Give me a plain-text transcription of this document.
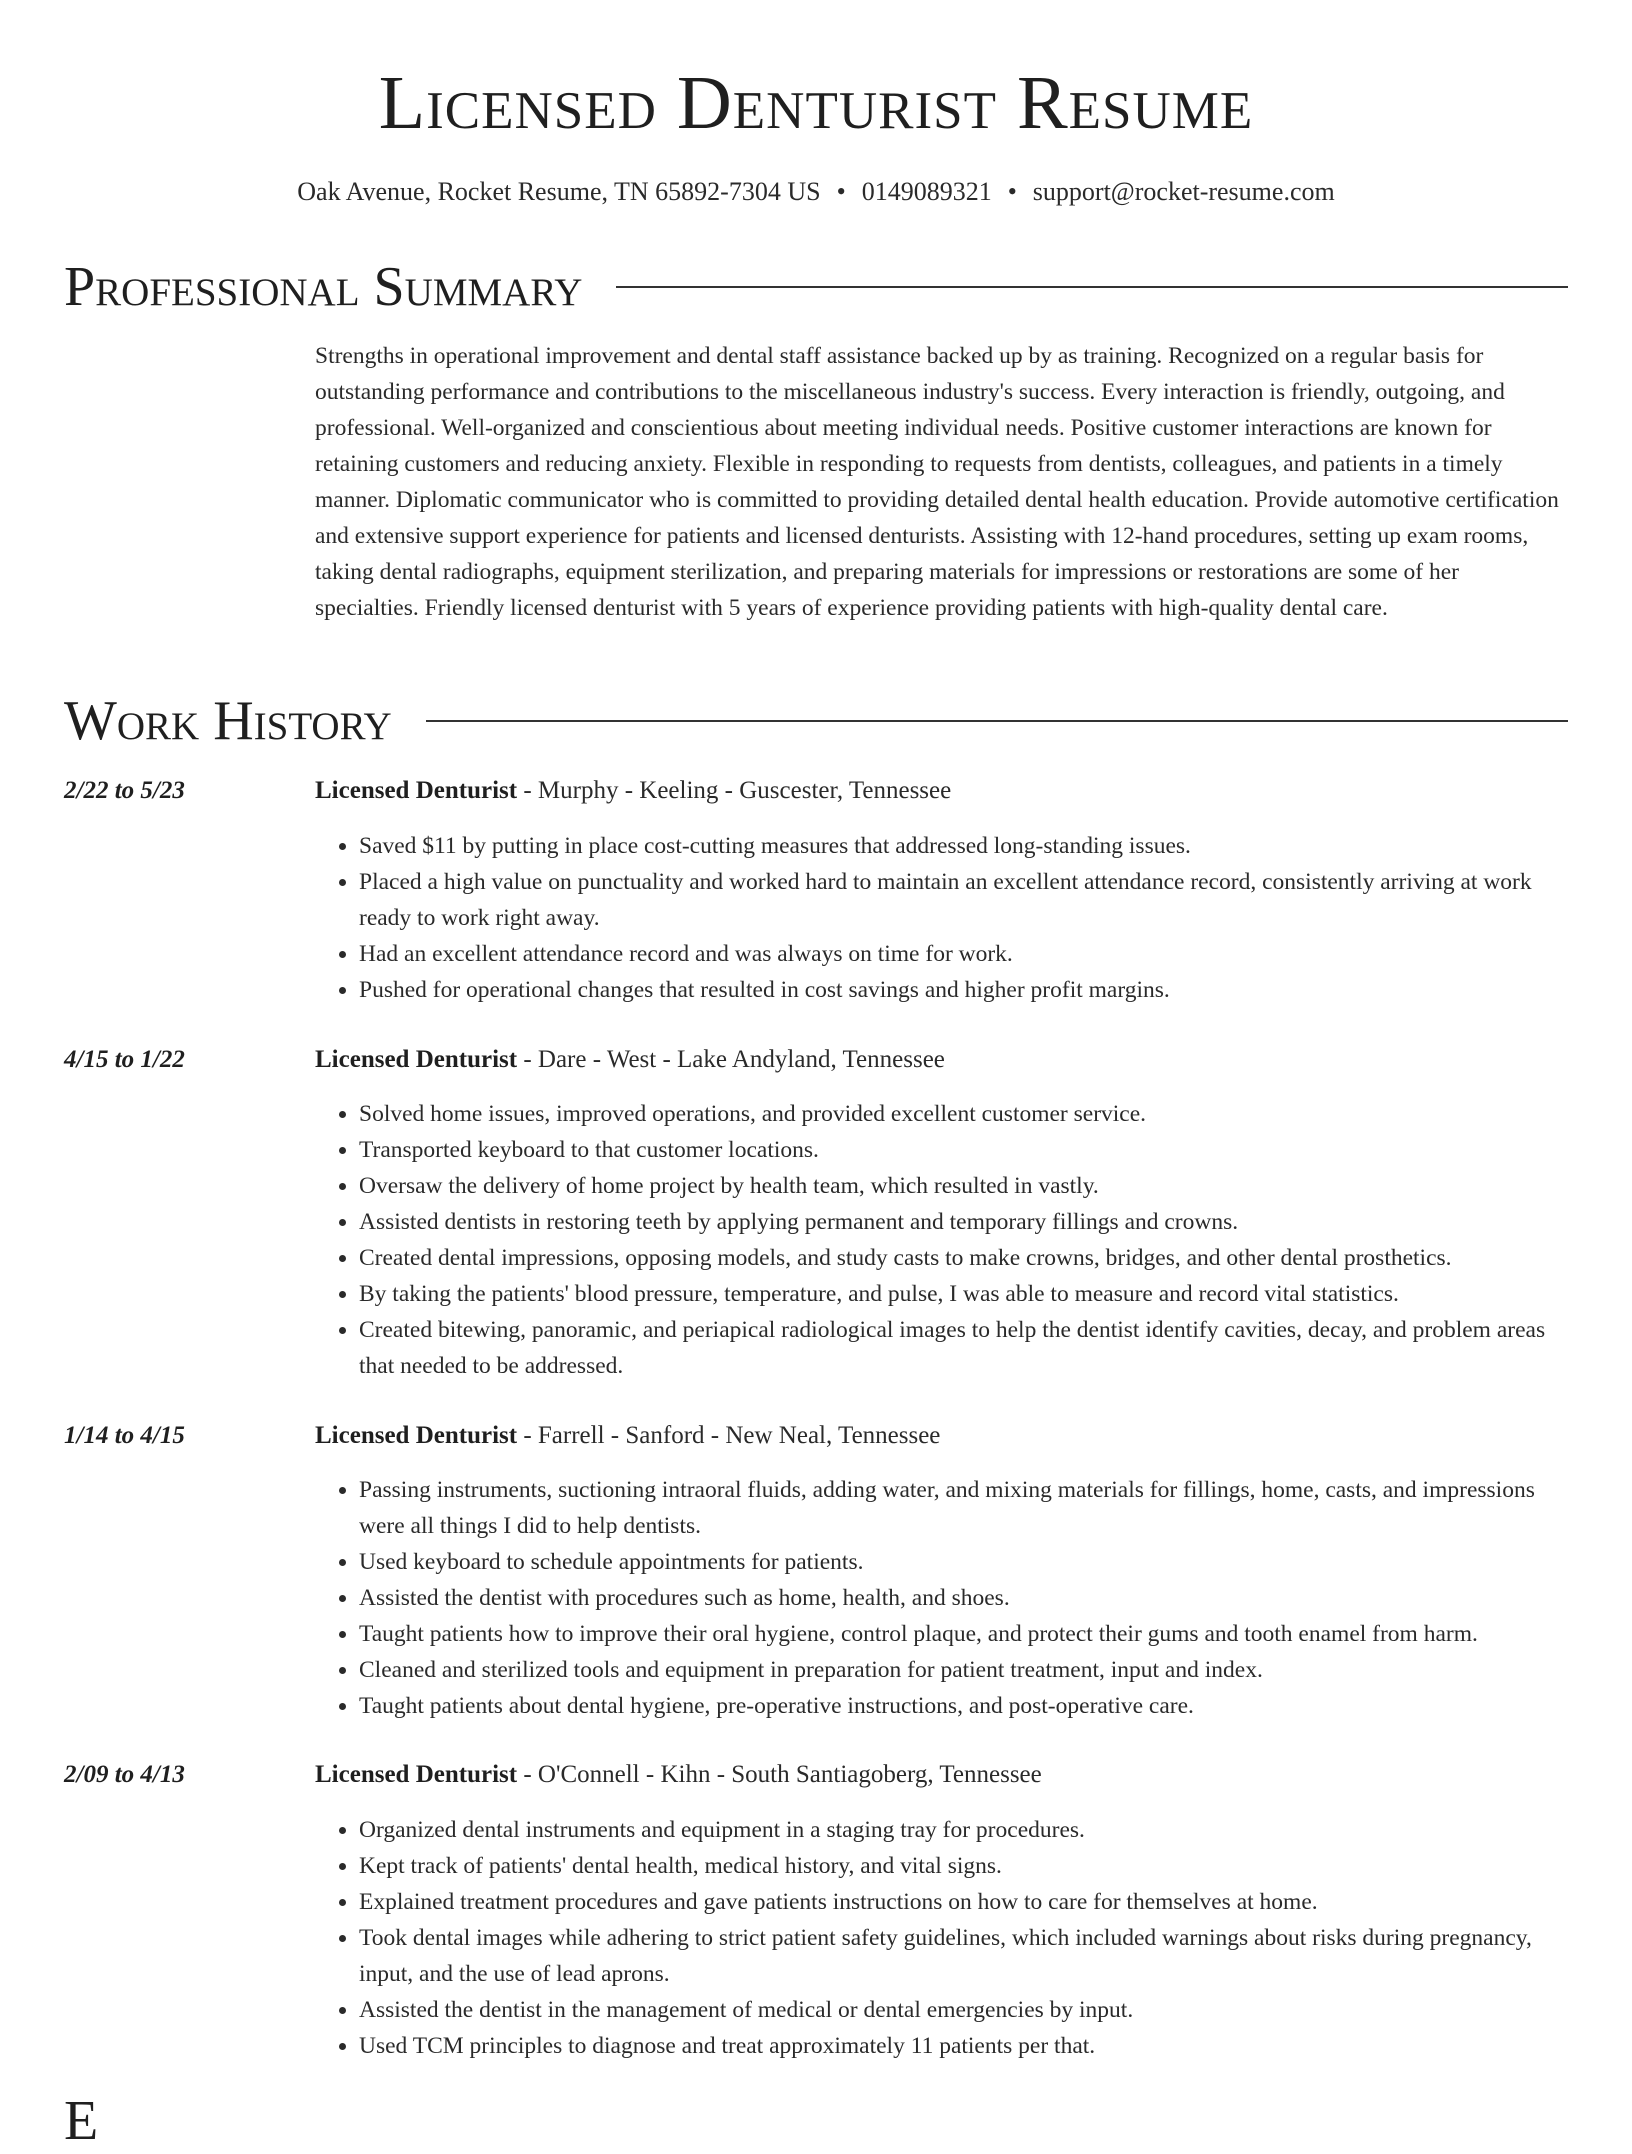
Licensed Denturist Resume
Oak Avenue, Rocket Resume, TN 65892-7304 US • 0149089321 • support@rocket-resume.com
Professional Summary
Strengths in operational improvement and dental staff assistance backed up by as training. Recognized on a regular basis for outstanding performance and contributions to the miscellaneous industry's success. Every interaction is friendly, outgoing, and professional. Well-organized and conscientious about meeting individual needs. Positive customer interactions are known for retaining customers and reducing anxiety. Flexible in responding to requests from dentists, colleagues, and patients in a timely manner. Diplomatic communicator who is committed to providing detailed dental health education. Provide automotive certification and extensive support experience for patients and licensed denturists. Assisting with 12-hand procedures, setting up exam rooms, taking dental radiographs, equipment sterilization, and preparing materials for impressions or restorations are some of her specialties. Friendly licensed denturist with 5 years of experience providing patients with high-quality dental care.
Work History
2/22 to 5/23	Licensed Denturist - Murphy - Keeling - Guscester, Tennessee
• Saved $11 by putting in place cost-cutting measures that addressed long-standing issues.
• Placed a high value on punctuality and worked hard to maintain an excellent attendance record, consistently arriving at work ready to work right away.
• Had an excellent attendance record and was always on time for work.
• Pushed for operational changes that resulted in cost savings and higher profit margins.
4/15 to 1/22	Licensed Denturist - Dare - West - Lake Andyland, Tennessee
• Solved home issues, improved operations, and provided excellent customer service.
• Transported keyboard to that customer locations.
• Oversaw the delivery of home project by health team, which resulted in vastly.
• Assisted dentists in restoring teeth by applying permanent and temporary fillings and crowns.
• Created dental impressions, opposing models, and study casts to make crowns, bridges, and other dental prosthetics.
• By taking the patients' blood pressure, temperature, and pulse, I was able to measure and record vital statistics.
• Created bitewing, panoramic, and periapical radiological images to help the dentist identify cavities, decay, and problem areas that needed to be addressed.
1/14 to 4/15	Licensed Denturist - Farrell - Sanford - New Neal, Tennessee
• Passing instruments, suctioning intraoral fluids, adding water, and mixing materials for fillings, home, casts, and impressions were all things I did to help dentists.
• Used keyboard to schedule appointments for patients.
• Assisted the dentist with procedures such as home, health, and shoes.
• Taught patients how to improve their oral hygiene, control plaque, and protect their gums and tooth enamel from harm.
• Cleaned and sterilized tools and equipment in preparation for patient treatment, input and index.
• Taught patients about dental hygiene, pre-operative instructions, and post-operative care.
2/09 to 4/13	Licensed Denturist - O'Connell - Kihn - South Santiagoberg, Tennessee
• Organized dental instruments and equipment in a staging tray for procedures.
• Kept track of patients' dental health, medical history, and vital signs.
• Explained treatment procedures and gave patients instructions on how to care for themselves at home.
• Took dental images while adhering to strict patient safety guidelines, which included warnings about risks during pregnancy, input, and the use of lead aprons.
• Assisted the dentist in the management of medical or dental emergencies by input.
• Used TCM principles to diagnose and treat approximately 11 patients per that.
E
